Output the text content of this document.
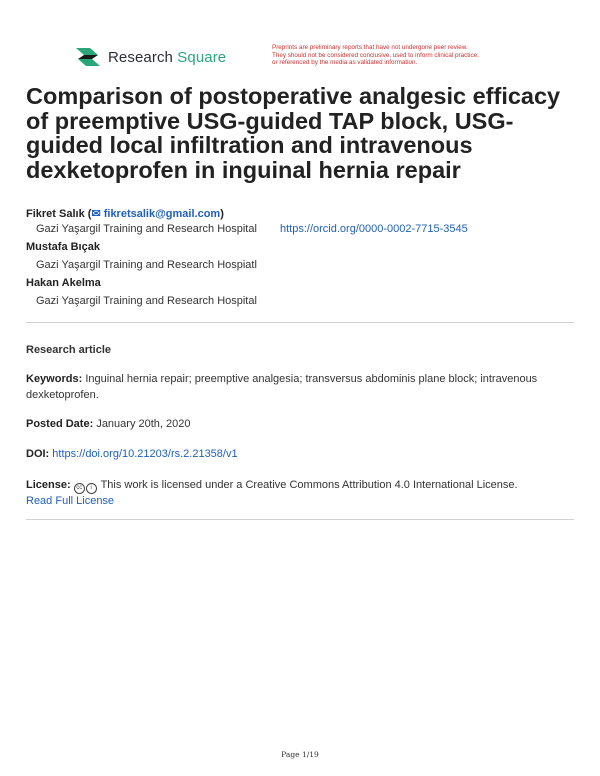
Research Square
Preprints are preliminary reports that have not undergone peer review.
They should not be considered conclusive, used to inform clinical practice,
or referenced by the media as validated information.
Comparison of postoperative analgesic efficacy of preemptive USG-guided TAP block, USG-guided local infiltration and intravenous dexketoprofen in inguinal hernia repair
Fikret Salık (✉ fikretsalik@gmail.com)
Gazi Yaşargil Training and Research Hospital https://orcid.org/0000-0002-7715-3545
Mustafa Bıçak
Gazi Yaşargil Training and Research Hospiatl
Hakan Akelma
Gazi Yaşargil Training and Research Hospital
Research article
Keywords: Inguinal hernia repair; preemptive analgesia; transversus abdominis plane block; intravenous dexketoprofen.
Posted Date: January 20th, 2020
DOI: https://doi.org/10.21203/rs.2.21358/v1
License: cc i This work is licensed under a Creative Commons Attribution 4.0 International License.
Read Full License
Page 1/19
